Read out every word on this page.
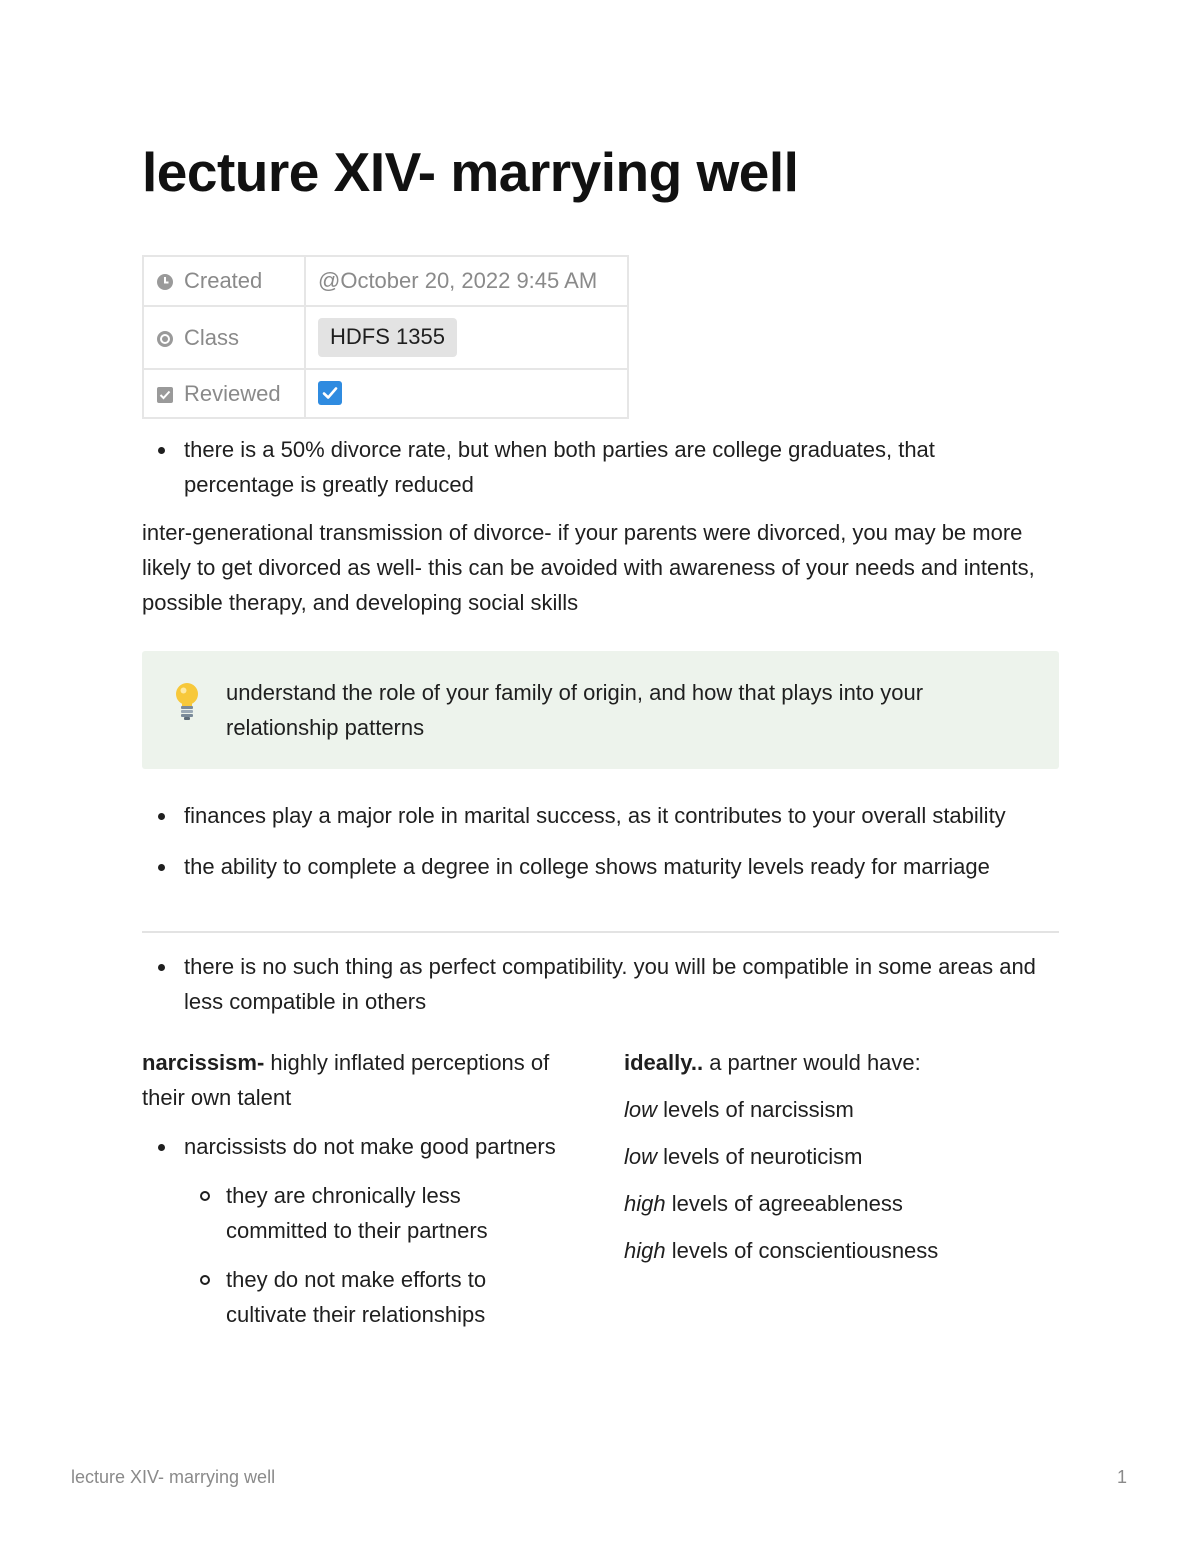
lecture XIV- marrying well
Created	@October 20, 2022 9:45 AM
Class	HDFS 1355
Reviewed	
there is a 50% divorce rate, but when both parties are college graduates, that percentage is greatly reduced

inter-generational transmission of divorce- if your parents were divorced, you may be more likely to get divorced as well- this can be avoided with awareness of your needs and intents, possible therapy, and developing social skills

understand the role of your family of origin, and how that plays into your relationship patterns
finances play a major role in marital success, as it contributes to your overall stability
the ability to complete a degree in college shows maturity levels ready for marriage
there is no such thing as perfect compatibility. you will be compatible in some areas and less compatible in others

narcissism- highly inflated perceptions of their own talent

narcissists do not make good partners
they are chronically less committed to their partners
they do not make efforts to cultivate their relationships

ideally.. a partner would have:

low levels of narcissism

low levels of neuroticism

high levels of agreeableness

high levels of conscientiousness

lecture XIV- marrying well	1
